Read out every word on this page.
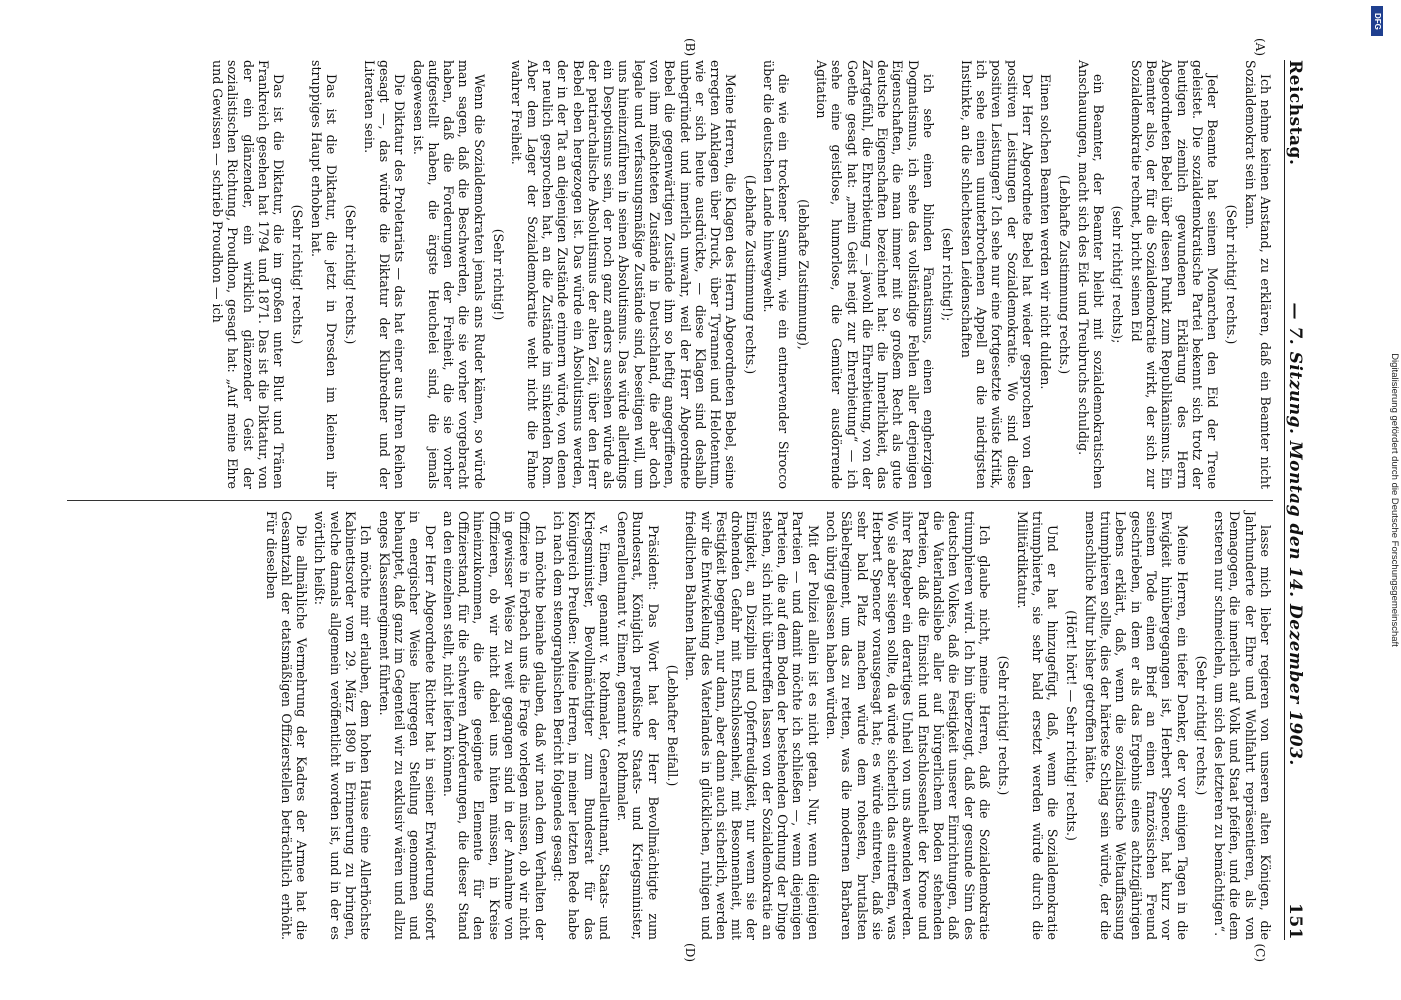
Reichstag.
— 7. Sitzung. Montag den 14. Dezember 1903.
151
(A)
(B)
(C)
(D)

Ich nehme keinen Anstand, zu erklären, daß ein Beamter nicht Sozialdemokrat sein kann.

(Sehr richtig! rechts.)

Jeder Beamte hat seinem Monarchen den Eid der Treue geleistet. Die sozialdemokratische Partei bekennt sich trotz der heutigen ziemlich gewundenen Erklärung des Herrn Abgeordneten Bebel über diesen Punkt zum Republikanismus. Ein Beamter also, der für die Sozialdemokratie wirkt, der sich zur Sozialdemokratie rechnet, bricht seinen Eid

(sehr richtig! rechts);

ein Beamter, der Beamter bleibt mit sozialdemokratischen Anschauungen, macht sich des Eid- und Treubruchs schuldig.

(Lebhafte Zustimmung rechts.)

Einen solchen Beamten werden wir nicht dulden.

Der Herr Abgeordnete Bebel hat wieder gesprochen von den positiven Leistungen der Sozialdemokratie. Wo sind diese positiven Leistungen? Ich sehe nur eine fortgesetzte wüste Kritik, ich sehe einen ununterbrochenen Appell an die niedrigsten Instinkte, an die schlechtesten Leidenschaften

(sehr richtig!);

ich sehe einen blinden Fanatismus, einen engherzigen Dogmatismus, ich sehe das vollständige Fehlen aller derjenigen Eigenschaften, die man immer mit so großem Recht als gute deutsche Eigenschaften bezeichnet hat: die Innerlichkeit, das Zartgefühl, die Ehrerbietung — jawohl die Ehrerbietung, von der Goethe gesagt hat: „mein Geist neigt zur Ehrerbietung“ — ich sehe eine geistlose, humorlose, die Gemüter ausdörrende Agitation

(lebhafte Zustimmung),

die wie ein trockener Samum, wie ein entnervender Sirocco über die deutschen Lande hinwegweht.

(Lebhafte Zustimmung rechts.)

Meine Herren, die Klagen des Herrn Abgeordneten Bebel, seine erregten Anklagen über Druck, über Tyrannei und Helotentum, wie er sich heute ausdrückte, — diese Klagen sind deshalb unbegründet und innerlich unwahr, weil der Herr Abgeordnete Bebel die gegenwärtigen Zustände ihm so heftig angegriffenen, von ihm mißachteten Zustände in Deutschland, die aber doch legale und verfassungsmäßige Zustände sind, beseitigen will, um uns hineinzuführen in seinen Absolutismus. Das würde allerdings ein Despotismus sein, der noch ganz anders aussehen würde als der patriarchalische Absolutismus der alten Zeit, über den Herr Bebel eben hergezogen ist. Das würde ein Absolutismus werden, der in der Tat an diejenigen Zustände erinnern würde, von denen er neulich gesprochen hat, an die Zustände im sinkenden Rom. Aber dem Lager der Sozialdemokratie weht nicht die Fahne wahrer Freiheit.

(Sehr richtig!)

Wenn die Sozialdemokraten jemals ans Ruder kämen, so würde man sagen, daß die Beschwerden, die sie vorher vorgebracht haben, daß die Forderungen der Freiheit, die sie vorher aufgestellt haben, die ärgste Heuchelei sind, die jemals dagewesen ist.

Die Diktatur des Proletariats — das hat einer aus Ihren Reihen gesagt —, das würde die Diktatur der Klubredner und der Literaten sein.

(Sehr richtig! rechts.)

Das ist die Diktatur, die jetzt in Dresden im kleinen ihr struppiges Haupt erhoben hat.

(Sehr richtig! rechts.)

Das ist die Diktatur, die im großen unter Blut und Tränen Frankreich gesehen hat 1794 und 1871. Das ist die Diktatur, von der ein glänzender, ein wirklich glänzender Geist der sozialistischen Richtung, Proudhon, gesagt hat: „Auf meine Ehre und Gewissen — schrieb Proudhon — ich

lasse mich lieber regieren von unseren alten Königen, die Jahrhunderte der Ehre und Wohlfahrt repräsentieren, als von Demagogen, die innerlich auf Volk und Staat pfeifen, und die dem ersteren nur schmeicheln, um sich des letzteren zu bemächtigen“.

(Sehr richtig! rechts.)

Meine Herren, ein tiefer Denker, der vor einigen Tagen in die Ewigkeit hinübergegangen ist, Herbert Spencer, hat kurz vor seinem Tode einen Brief an einen französischen Freund geschrieben, in dem er als das Ergebnis eines achtzigjährigen Lebens erklärt, daß, wenn die sozialistische Weltauffassung triumphieren sollte, dies der härteste Schlag sein würde, der die menschliche Kultur bisher getroffen hätte.

(Hört! hört! — Sehr richtig! rechts.)

Und er hat hinzugefügt, daß, wenn die Sozialdemokratie triumphierte, sie sehr bald ersetzt werden würde durch die Militärdiktatur.

(Sehr richtig! rechts.)

Ich glaube nicht, meine Herren, daß die Sozialdemokratie triumphieren wird. Ich bin überzeugt, daß der gesunde Sinn des deutschen Volkes, daß die Festigkeit unserer Einrichtungen, daß die Vaterlandsliebe aller auf bürgerlichem Boden stehenden Parteien, daß die Einsicht und Entschlossenheit der Krone und ihrer Ratgeber ein derartiges Unheil von uns abwenden werden. Wo sie aber siegen sollte, da würde sicherlich das eintreffen, was Herbert Spencer vorausgesagt hat; es würde eintreten, daß sie sehr bald Platz machen würde dem rohesten, brutalsten Säbelregiment, um das zu retten, was die modernen Barbaren noch übrig gelassen haben würden.

Mit der Polizei allein ist es nicht getan. Nur, wenn diejenigen Parteien — und damit möchte ich schließen —, wenn diejenigen Parteien, die auf dem Boden der bestehenden Ordnung der Dinge stehen, sich nicht übertreffen lassen von der Sozialdemokratie an Einigkeit, an Disziplin und Opferfreudigkeit, nur wenn sie der drohenden Gefahr mit Entschlossenheit, mit Besonnenheit, mit Festigkeit begegnen, nur dann, aber dann auch sicherlich, werden wir die Entwickelung des Vaterlandes in glücklichen, ruhigen und friedlichen Bahnen halten.

(Lebhafter Beifall.)

Präsident: Das Wort hat der Herr Bevollmächtigte zum Bundesrat, Königlich preußische Staats- und Kriegsminister, Generalleutnant v. Einem, genannt v. Rothmaler.

v. Einem, genannt v. Rothmaler, Generalleutnant, Staats- und Kriegsminister, Bevollmächtigter zum Bundesrat für das Königreich Preußen: Meine Herren, in meiner letzten Rede habe ich nach dem stenographischen Bericht folgendes gesagt:

Ich möchte beinahe glauben, daß wir nach dem Verhalten der Offiziere in Forbach uns die Frage vorlegen müssen, ob wir nicht in gewisser Weise zu weit gegangen sind in der Annahme von Offizieren, ob wir nicht dabei uns hüten müssen, in Kreise hineinzukommen, die die geeignete Elemente für den Offizierstand, für die schweren Anforderungen, die dieser Stand an den einzelnen stellt, nicht liefern können.

Der Herr Abgeordnete Richter hat in seiner Erwiderung sofort in energischer Weise hiergegen Stellung genommen und behauptet, daß ganz im Gegenteil wir zu exklusiv wären und allzu enges Klassenregiment führten.

Ich möchte mir erlauben, dem hohen Hause eine Allerhöchste Kabinettsorder vom 29. März 1890 in Erinnerung zu bringen, welche damals allgemein veröffentlicht worden ist, und in der es wörtlich heißt:

Die allmähliche Vermehrung der Kadres der Armee hat die Gesamtzahl der etatsmäßigen Offizierstellen beträchtlich erhöht. Für dieselben

DFG
Digitalisierung gefördert durch die Deutsche Forschungsgemeinschaft
